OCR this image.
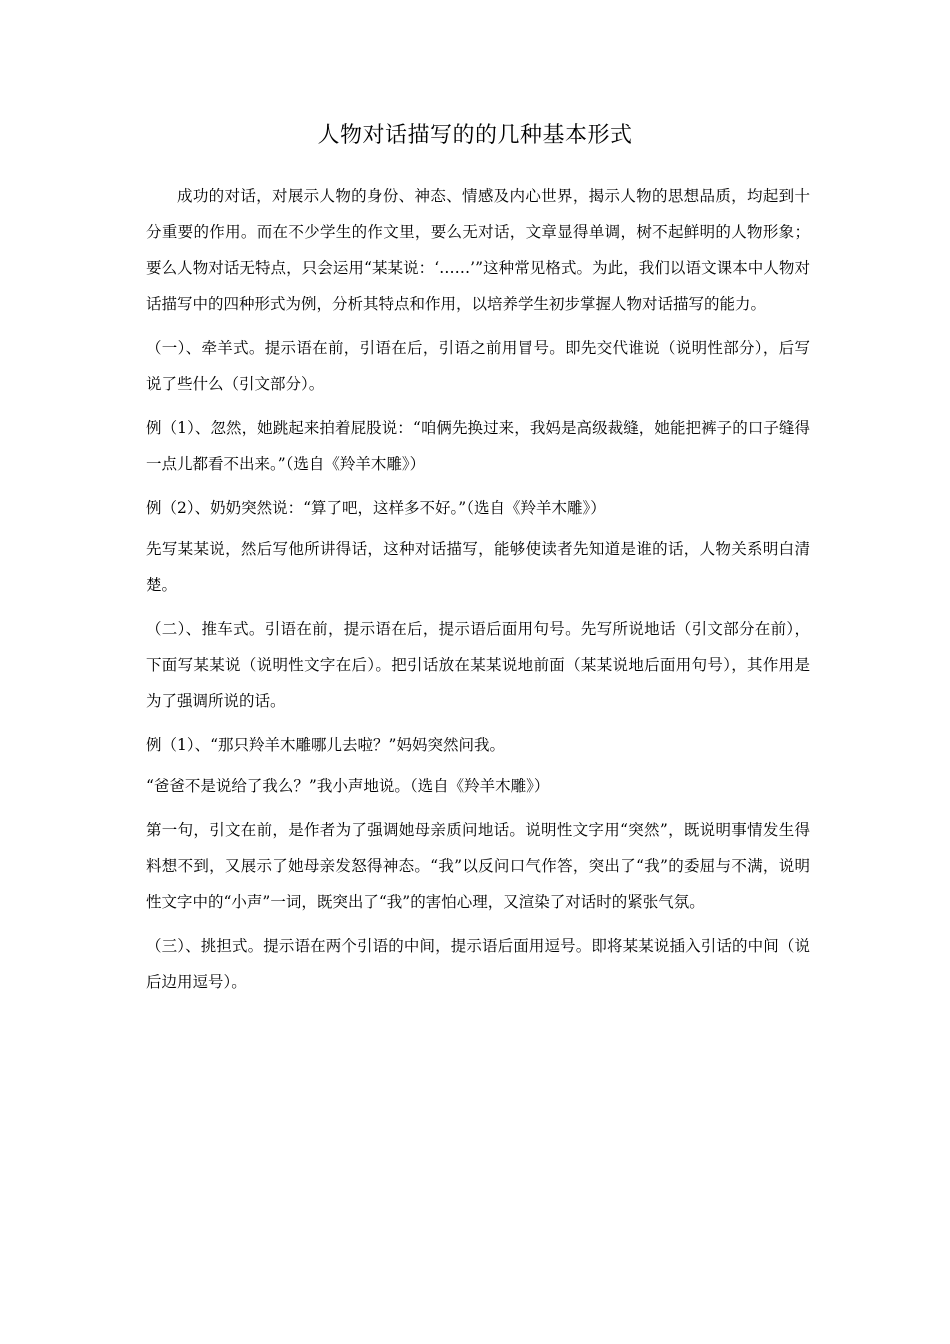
人物对话描写的的几种基本形式

成功的对话，对展示人物的身份、神态、情感及内心世界，揭示人物的思想品质，均起到十分重要的作用。而在不少学生的作文里，要么无对话，文章显得单调，树不起鲜明的人物形象；要么人物对话无特点，只会运用“某某说：‘……’”这种常见格式。为此，我们以语文课本中人物对话描写中的四种形式为例，分析其特点和作用，以培养学生初步掌握人物对话描写的能力。

（一）、牵羊式。提示语在前，引语在后，引语之前用冒号。即先交代谁说（说明性部分），后写说了些什么（引文部分）。

例（1）、忽然，她跳起来拍着屁股说：“咱俩先换过来，我妈是高级裁缝，她能把裤子的口子缝得一点儿都看不出来。”（选自《羚羊木雕》）

例（2）、奶奶突然说：“算了吧，这样多不好。”（选自《羚羊木雕》）

先写某某说，然后写他所讲得话，这种对话描写，能够使读者先知道是谁的话，人物关系明白清楚。

（二）、推车式。引语在前，提示语在后，提示语后面用句号。先写所说地话（引文部分在前），下面写某某说（说明性文字在后）。把引话放在某某说地前面（某某说地后面用句号），其作用是为了强调所说的话。

例（1）、“那只羚羊木雕哪儿去啦？”妈妈突然问我。

“爸爸不是说给了我么？”我小声地说。（选自《羚羊木雕》）

第一句，引文在前，是作者为了强调她母亲质问地话。说明性文字用“突然”，既说明事情发生得料想不到，又展示了她母亲发怒得神态。“我”以反问口气作答，突出了“我”的委屈与不满，说明性文字中的“小声”一词，既突出了“我”的害怕心理，又渲染了对话时的紧张气氛。

（三）、挑担式。提示语在两个引语的中间，提示语后面用逗号。即将某某说插入引话的中间（说后边用逗号）。
